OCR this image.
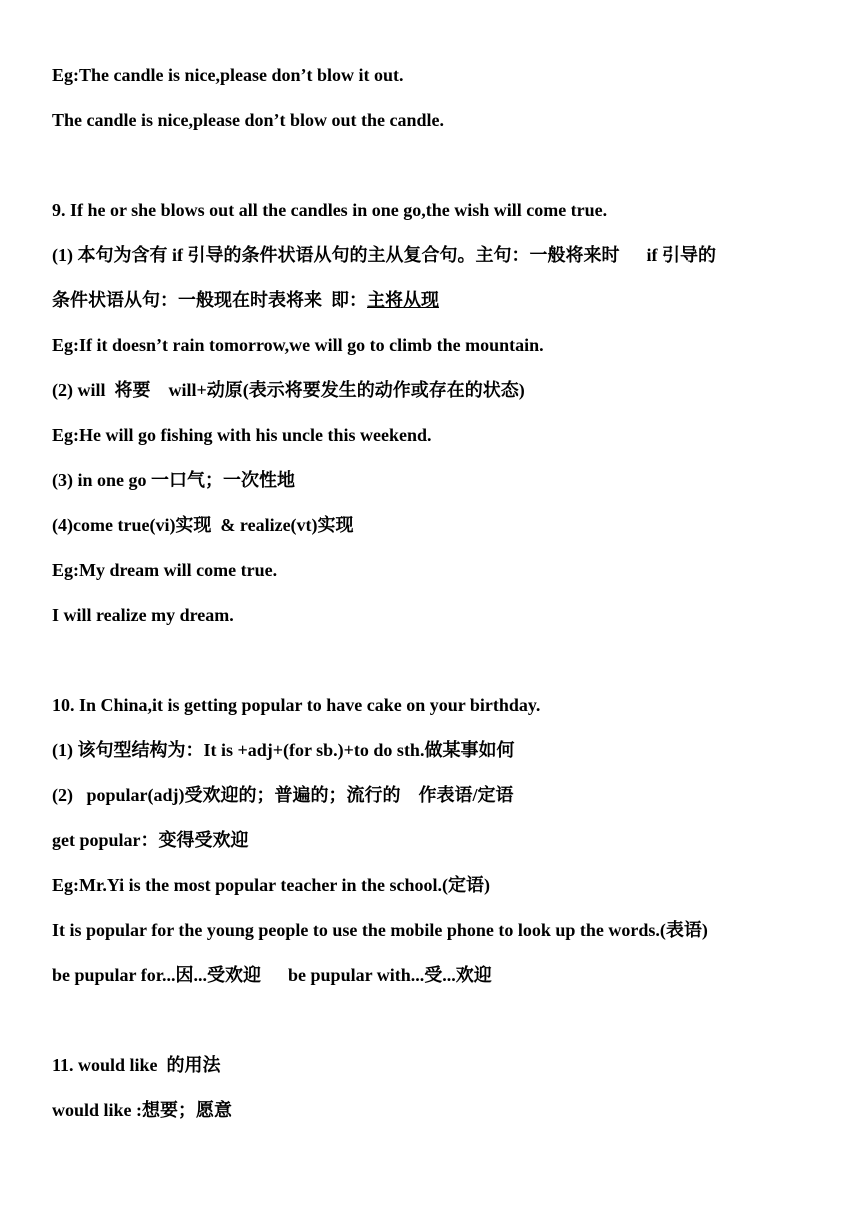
Eg:The candle is nice,please don’t blow it out.

The candle is nice,please don’t blow out the candle.

9. If he or she blows out all the candles in one go,the wish will come true.

(1) 本句为含有 if 引导的条件状语从句的主从复合句。主句：一般将来时      if 引导的

条件状语从句：一般现在时表将来  即：主将从现

Eg:If it doesn’t rain tomorrow,we will go to climb the mountain.

(2) will  将要    will+动原(表示将要发生的动作或存在的状态)

Eg:He will go fishing with his uncle this weekend.

(3) in one go 一口气；一次性地

(4)come true(vi)实现  & realize(vt)实现

Eg:My dream will come true.

I will realize my dream.

10. In China,it is getting popular to have cake on your birthday.

(1) 该句型结构为：It is +adj+(for sb.)+to do sth.做某事如何

(2)   popular(adj)受欢迎的；普遍的；流行的    作表语/定语

get popular：变得受欢迎

Eg:Mr.Yi is the most popular teacher in the school.(定语)

It is popular for the young people to use the mobile phone to look up the words.(表语)

be pupular for...因...受欢迎      be pupular with...受...欢迎

11. would like  的用法

would like :想要；愿意
